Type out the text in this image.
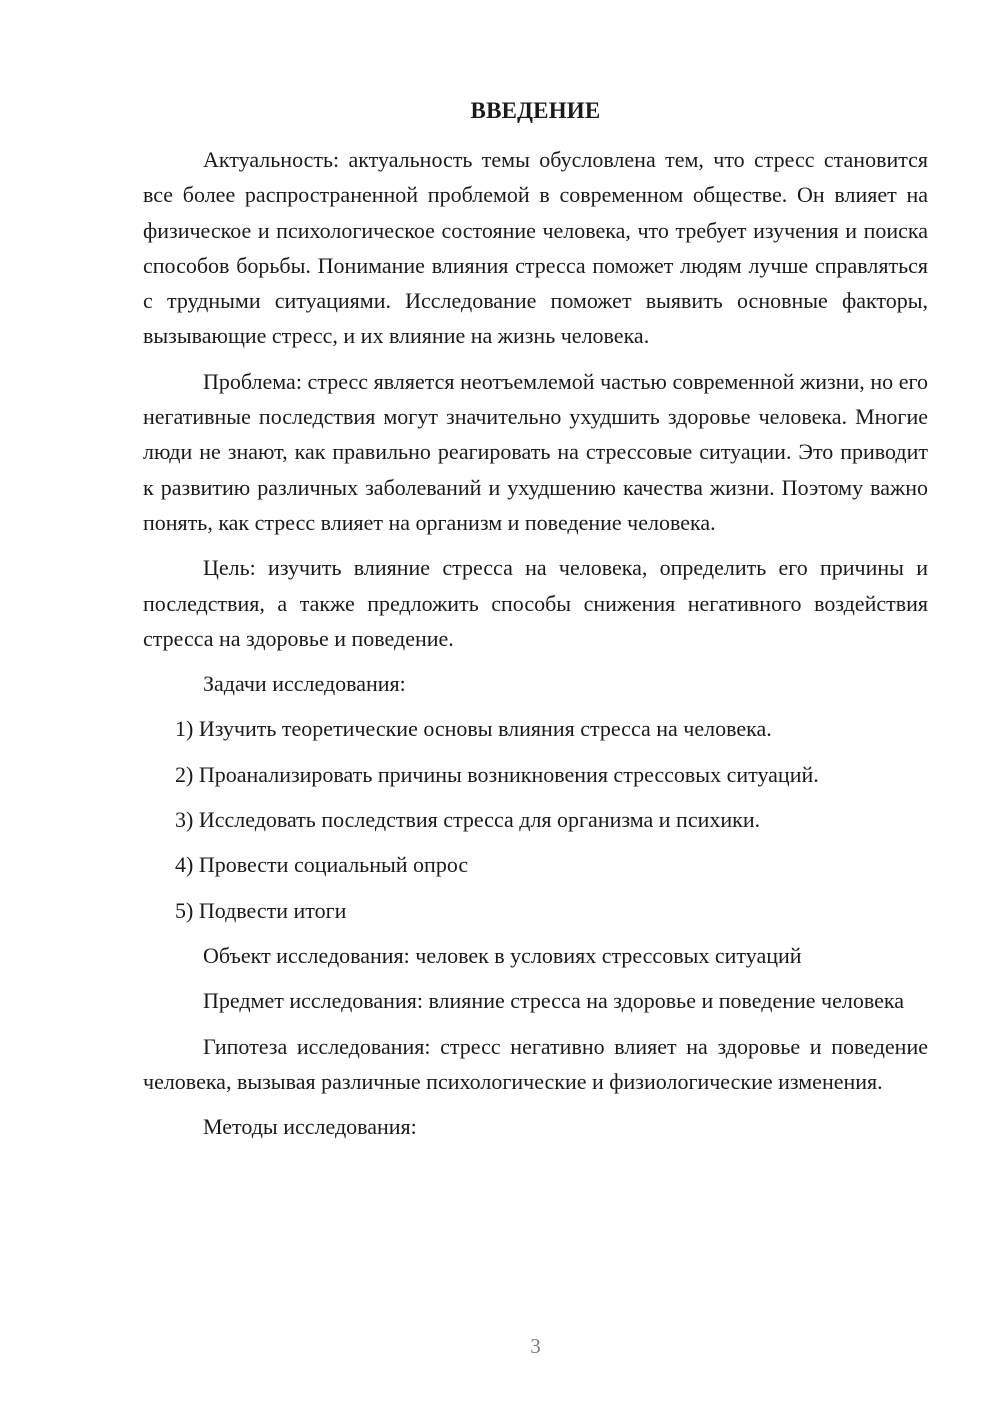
ВВЕДЕНИЕ

Актуальность: актуальность темы обусловлена тем, что стресс становится все более распространенной проблемой в современном обществе. Он влияет на физическое и психологическое состояние человека, что требует изучения и поиска способов борьбы. Понимание влияния стресса поможет людям лучше справляться с трудными ситуациями. Исследование поможет выявить основные факторы, вызывающие стресс, и их влияние на жизнь человека.

Проблема: стресс является неотъемлемой частью современной жизни, но его негативные последствия могут значительно ухудшить здоровье человека. Многие люди не знают, как правильно реагировать на стрессовые ситуации. Это приводит к развитию различных заболеваний и ухудшению качества жизни. Поэтому важно понять, как стресс влияет на организм и поведение человека.

Цель: изучить влияние стресса на человека, определить его причины и последствия, а также предложить способы снижения негативного воздействия стресса на здоровье и поведение.

Задачи исследования:

1) Изучить теоретические основы влияния стресса на человека.

2) Проанализировать причины возникновения стрессовых ситуаций.

3) Исследовать последствия стресса для организма и психики.

4) Провести социальный опрос

5) Подвести итоги

Объект исследования: человек в условиях стрессовых ситуаций

Предмет исследования: влияние стресса на здоровье и поведение человека

Гипотеза исследования: стресс негативно влияет на здоровье и поведение человека, вызывая различные психологические и физиологические изменения.

Методы исследования:

3
